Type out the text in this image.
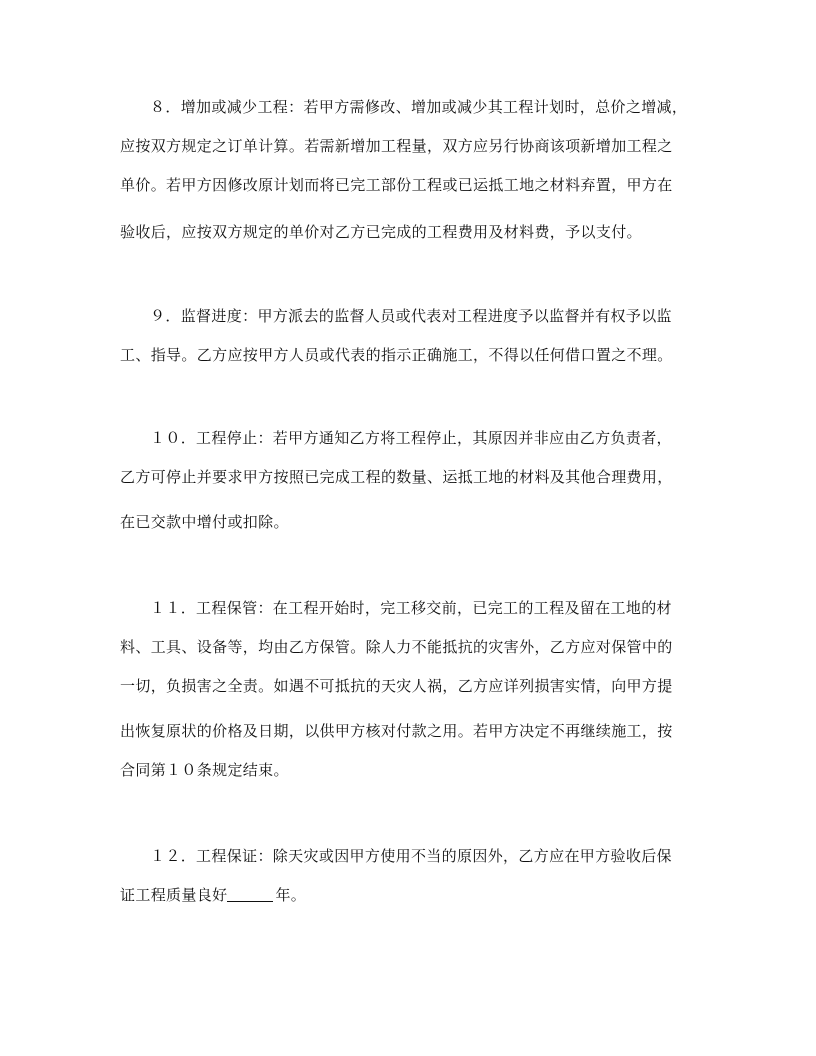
８．增加或减少工程：若甲方需修改、增加或减少其工程计划时，总价之增减，
应按双方规定之订单计算。若需新增加工程量，双方应另行协商该项新增加工程之
单价。若甲方因修改原计划而将已完工部份工程或已运抵工地之材料弃置，甲方在
验收后，应按双方规定的单价对乙方已完成的工程费用及材料费，予以支付。
９．监督进度：甲方派去的监督人员或代表对工程进度予以监督并有权予以监
工、指导。乙方应按甲方人员或代表的指示正确施工，不得以任何借口置之不理。
１０．工程停止：若甲方通知乙方将工程停止，其原因并非应由乙方负责者，
乙方可停止并要求甲方按照已完成工程的数量、运抵工地的材料及其他合理费用，
在已交款中增付或扣除。
１１．工程保管：在工程开始时，完工移交前，已完工的工程及留在工地的材
料、工具、设备等，均由乙方保管。除人力不能抵抗的灾害外，乙方应对保管中的
一切，负损害之全责。如遇不可抵抗的天灾人祸，乙方应详列损害实情，向甲方提
出恢复原状的价格及日期，以供甲方核对付款之用。若甲方决定不再继续施工，按
合同第１０条规定结束。
１２．工程保证：除天灾或因甲方使用不当的原因外，乙方应在甲方验收后保
证工程质量良好	年。
